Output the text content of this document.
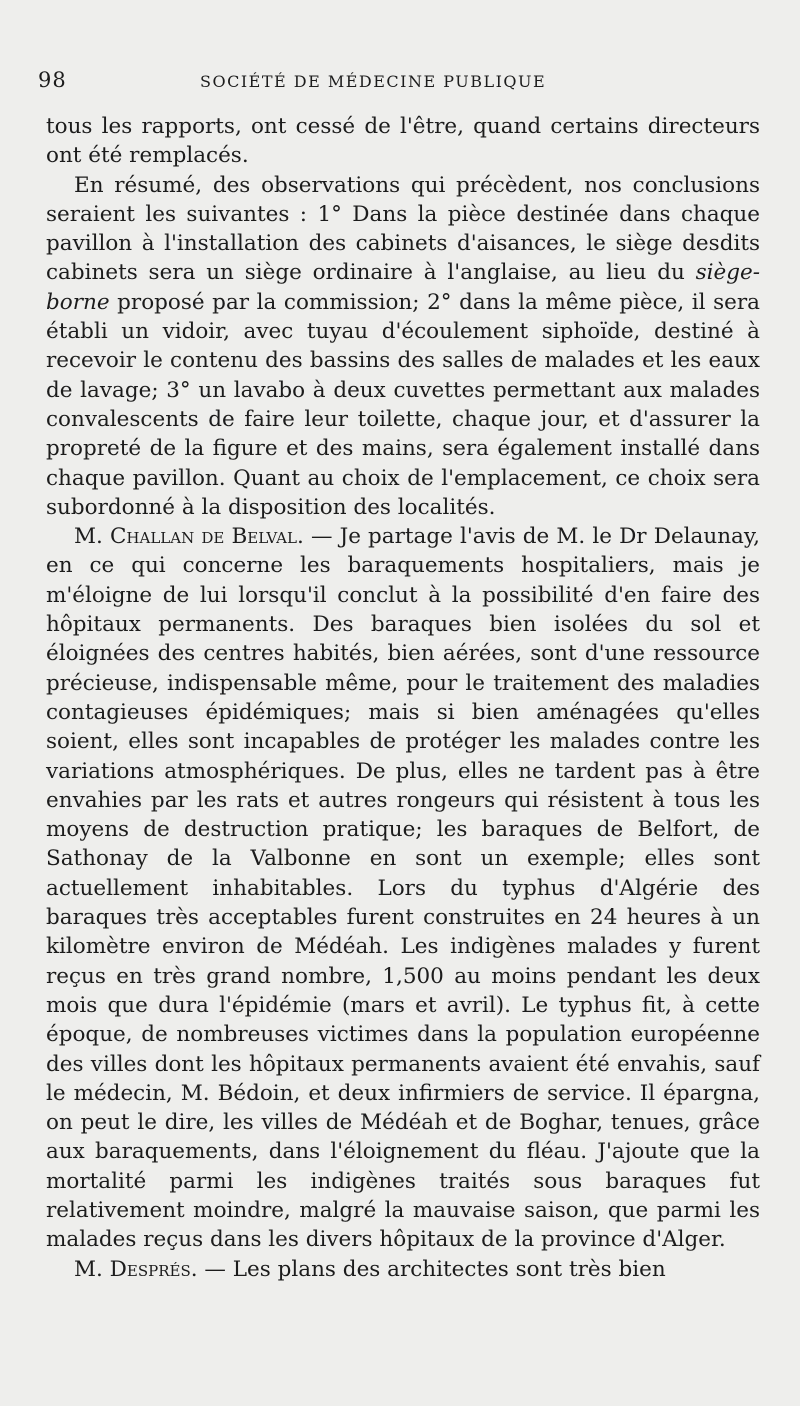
98	SOCIÉTÉ DE MÉDECINE PUBLIQUE

tous les rapports, ont cessé de l'être, quand certains directeurs ont été remplacés.

En résumé, des observations qui précèdent, nos conclusions seraient les suivantes : 1° Dans la pièce destinée dans chaque pavillon à l'installation des cabinets d'aisances, le siège desdits cabinets sera un siège ordinaire à l'anglaise, au lieu du siège-borne proposé par la commission; 2° dans la même pièce, il sera établi un vidoir, avec tuyau d'écoulement siphoïde, destiné à recevoir le contenu des bassins des salles de malades et les eaux de lavage; 3° un lavabo à deux cuvettes permettant aux malades convalescents de faire leur toilette, chaque jour, et d'assurer la propreté de la figure et des mains, sera également installé dans chaque pavillon. Quant au choix de l'emplacement, ce choix sera subordonné à la disposition des localités.

M. Challan de Belval. — Je partage l'avis de M. le Dr Delaunay, en ce qui concerne les baraquements hospitaliers, mais je m'éloigne de lui lorsqu'il conclut à la possibilité d'en faire des hôpitaux permanents. Des baraques bien isolées du sol et éloignées des centres habités, bien aérées, sont d'une ressource précieuse, indispensable même, pour le traitement des maladies contagieuses épidémiques; mais si bien aménagées qu'elles soient, elles sont incapables de protéger les malades contre les variations atmosphériques. De plus, elles ne tardent pas à être envahies par les rats et autres rongeurs qui résistent à tous les moyens de destruction pratique; les baraques de Belfort, de Sathonay de la Valbonne en sont un exemple; elles sont actuellement inhabitables. Lors du typhus d'Algérie des baraques très acceptables furent construites en 24 heures à un kilomètre environ de Médéah. Les indigènes malades y furent reçus en très grand nombre, 1,500 au moins pendant les deux mois que dura l'épidémie (mars et avril). Le typhus fit, à cette époque, de nombreuses victimes dans la population européenne des villes dont les hôpitaux permanents avaient été envahis, sauf le médecin, M. Bédoin, et deux infirmiers de service. Il épargna, on peut le dire, les villes de Médéah et de Boghar, tenues, grâce aux baraquements, dans l'éloignement du fléau. J'ajoute que la mortalité parmi les indigènes traités sous baraques fut relativement moindre, malgré la mauvaise saison, que parmi les malades reçus dans les divers hôpitaux de la province d'Alger.

M. Després. — Les plans des architectes sont très bien
